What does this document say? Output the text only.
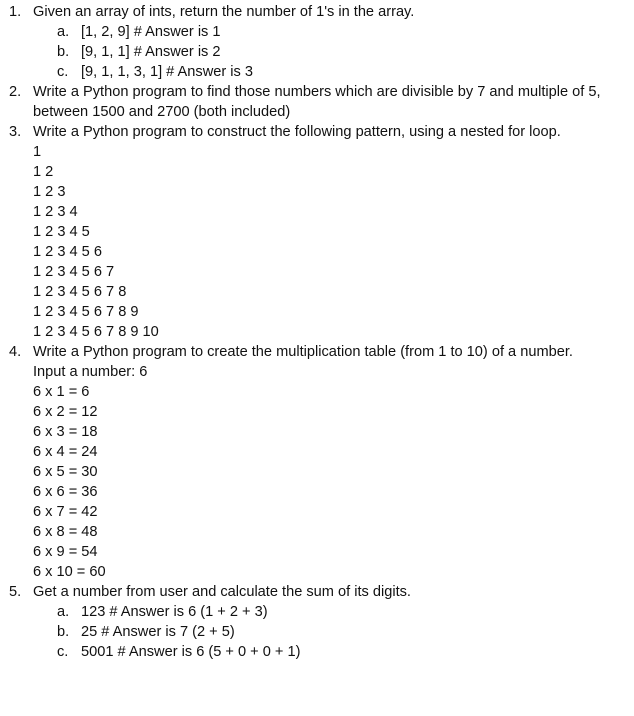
1. Given an array of ints, return the number of 1's in the array.
a. [1, 2, 9] # Answer is 1
b. [9, 1, 1] # Answer is 2
c. [9, 1, 1, 3, 1] # Answer is 3
2. Write a Python program to find those numbers which are divisible by 7 and multiple of 5,
between 1500 and 2700 (both included)
3. Write a Python program to construct the following pattern, using a nested for loop.
1
1 2
1 2 3
1 2 3 4
1 2 3 4 5
1 2 3 4 5 6
1 2 3 4 5 6 7
1 2 3 4 5 6 7 8
1 2 3 4 5 6 7 8 9
1 2 3 4 5 6 7 8 9 10
4. Write a Python program to create the multiplication table (from 1 to 10) of a number.
Input a number: 6
6 x 1 = 6
6 x 2 = 12
6 x 3 = 18
6 x 4 = 24
6 x 5 = 30
6 x 6 = 36
6 x 7 = 42
6 x 8 = 48
6 x 9 = 54
6 x 10 = 60
5. Get a number from user and calculate the sum of its digits.
a. 123 # Answer is 6 (1 + 2 + 3)
b. 25 # Answer is 7 (2 + 5)
c. 5001 # Answer is 6 (5 + 0 + 0 + 1)
